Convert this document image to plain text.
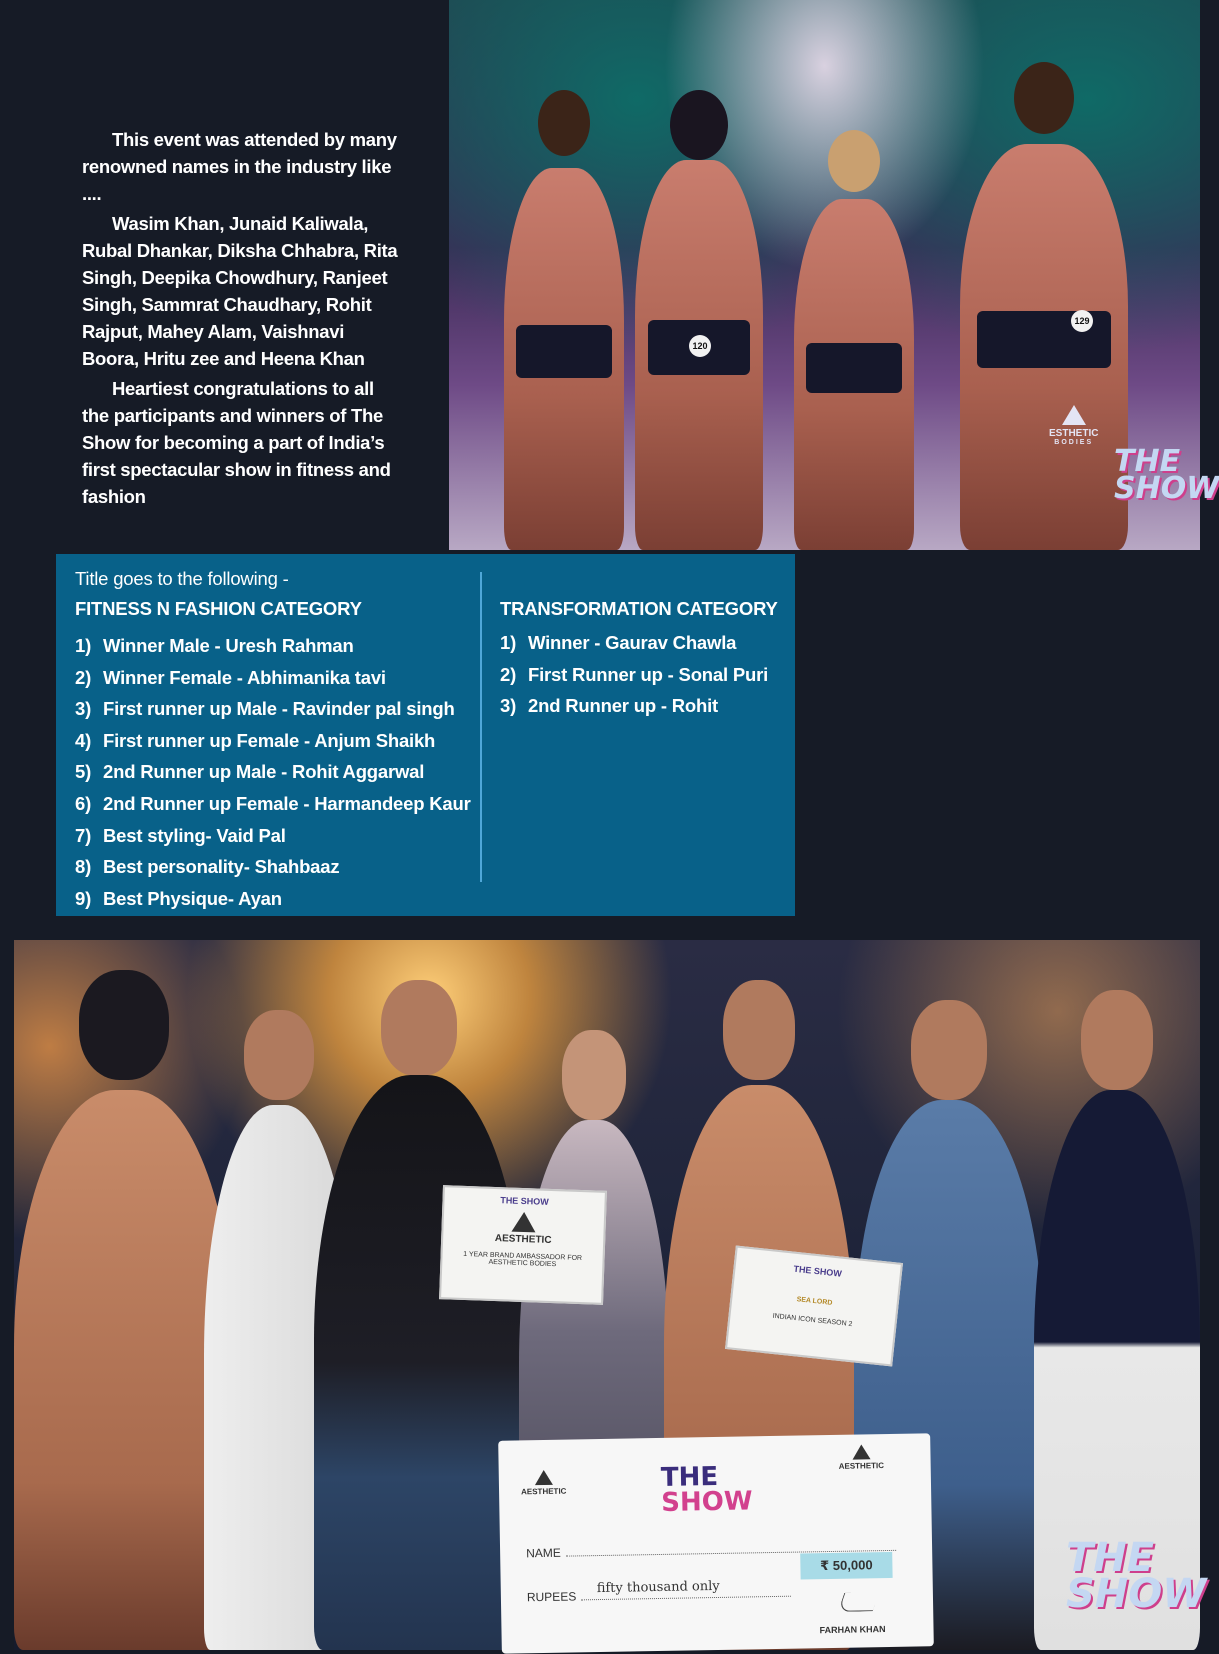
This event was attended by many renowned names in the industry like ....

Wasim Khan, Junaid Kaliwala, Rubal Dhankar, Diksha Chhabra, Rita Singh, Deepika Chowdhury, Ranjeet Singh, Sammrat Chaudhary, Rohit Rajput, Mahey Alam, Vaishnavi Boora, Hritu zee and Heena Khan

Heartiest congratulations to all the participants and winners of The Show for becoming a part of India’s first spectacular show in fitness and fashion

120
129
ESTHETIC
BODIES
THE
SHOW
Title goes to the following -
FITNESS N FASHION CATEGORY
1) Winner Male - Uresh Rahman
2) Winner Female - Abhimanika tavi
3) First runner up Male - Ravinder pal singh
4) First runner up Female - Anjum Shaikh
5) 2nd Runner up Male - Rohit Aggarwal
6) 2nd Runner up Female - Harmandeep Kaur
7) Best styling- Vaid Pal
8) Best personality- Shahbaaz
9) Best Physique- Ayan
TRANSFORMATION CATEGORY
1) Winner - Gaurav Chawla
2) First Runner up - Sonal Puri
3) 2nd Runner up - Rohit
THE SHOW
AESTHETIC
1 YEAR BRAND AMBASSADOR FOR AESTHETIC BODIES
THE SHOW
SEA LORD
INDIAN ICON SEASON 2
AESTHETIC
AESTHETIC
THE
SHOW
NAME
₹ 50,000
RUPEES
fifty thousand only
FARHAN KHAN
THE
SHOW
